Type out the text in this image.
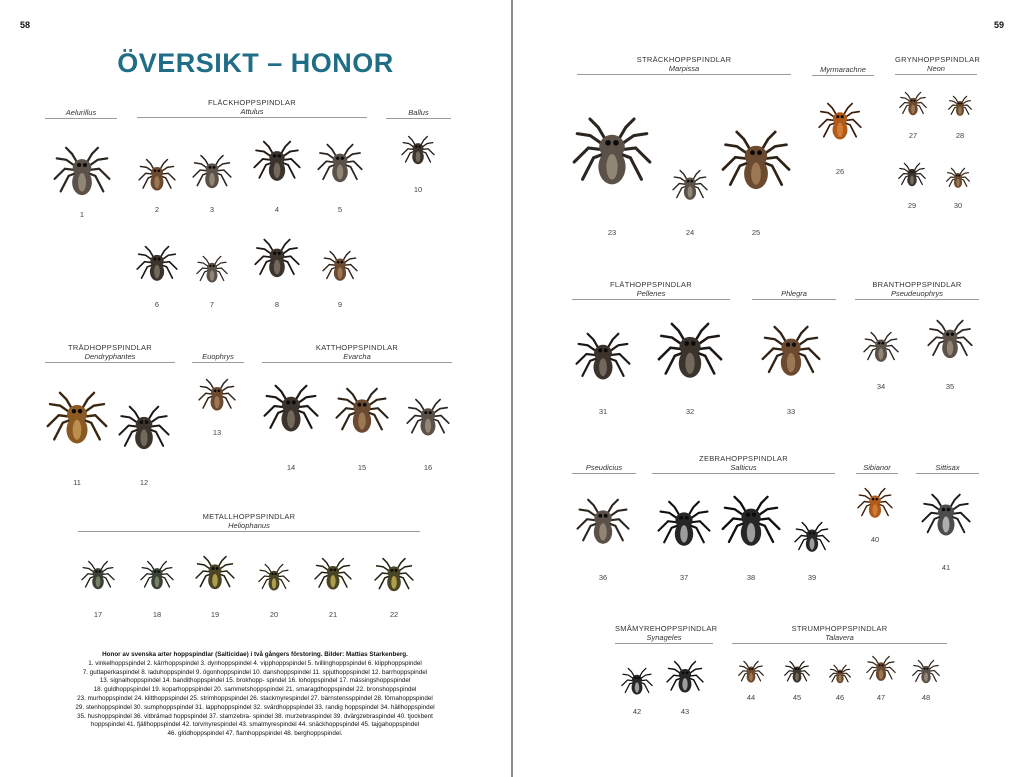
58
ÖVERSIKT – HONOR
59
Aelurillus
FLÄCKHOPPSPINDLAR
Attulus	Ballus
TRÄDHOPPSPINDLAR
Dendryphantes	Euophrys
KATTHOPPSPINDLAR
Evarcha
METALLHOPPSPINDLAR
Heliophanus
STRÄCKHOPPSPINDLAR
Marpissa	Myrmarachne
GRYNHOPPSPINDLAR
Neon
FLÄTHOPPSPINDLAR
Pellenes	Phlegra
BRANTHOPPSPINDLAR
Pseudeuophrys
Pseudicius
ZEBRAHOPPSPINDLAR
Salticus	Sibianor	Sittisax
SMÅMYREHOPPSPINDLAR
Synageles
STRUMPHOPPSPINDLAR
Talavera
1
2	3	4	5
6	7	8	9
10
11	12
13
14	15	16
17	18	19	20	21	22
23	24	25
26
27	28
29	30
31	32	33
34	35
36	37	38	39
40
41
42	43
44	45	46	47	48
Honor av svenska arter hoppspindlar (Salticidae) i två gångers förstoring. Bilder: Mattias Starkenberg.
1. vinkelhoppspindel 2. kärrhoppspindel 3. dynhoppspindel 4. vipphoppspindel 5. tvillinghoppspindel 6. klipphoppspindel
7. guttaperkaspindel 8. laduhoppspindel 9. ögonhoppspindel 10. danshoppspindel 11. spjuthoppspindel 12. barrhoppspindel
13. signalhoppspindel 14. bandithoppspindel 15. brokhopp- spindel 16. lohoppspindel 17. mässingshoppspindel
18. guldhoppspindel 19. koparhoppspindel 20. sammetshoppspindel 21. smaragdhoppspindel 22. bronshoppspindel
23. murhoppspindel 24. klitthoppspindel 25. strimhoppspindel 26. stackmyrespindel 27. bärnstenssppindel 28. förnahoppspindel
29. stenhoppspindel 30. sumphoppspindel 31. lapphoppspindel 32. svärdhoppspindel 33. randig hoppspindel 34. hällhoppspindel
35. hushoppspindel 36. vitbrämad hoppspindel 37. stamzebra- spindel 38. murzebraspindel 39. dvärgzebraspindel 40. tjockbent
hoppspindel 41. fjällhoppspindel 42. torvmyrespindel 43. smalmyrespindel 44. snäckhoppspindel 45. tajgahoppspindel
46. glödhoppspindel 47. flamhoppspindel 48. berghoppspindel.
